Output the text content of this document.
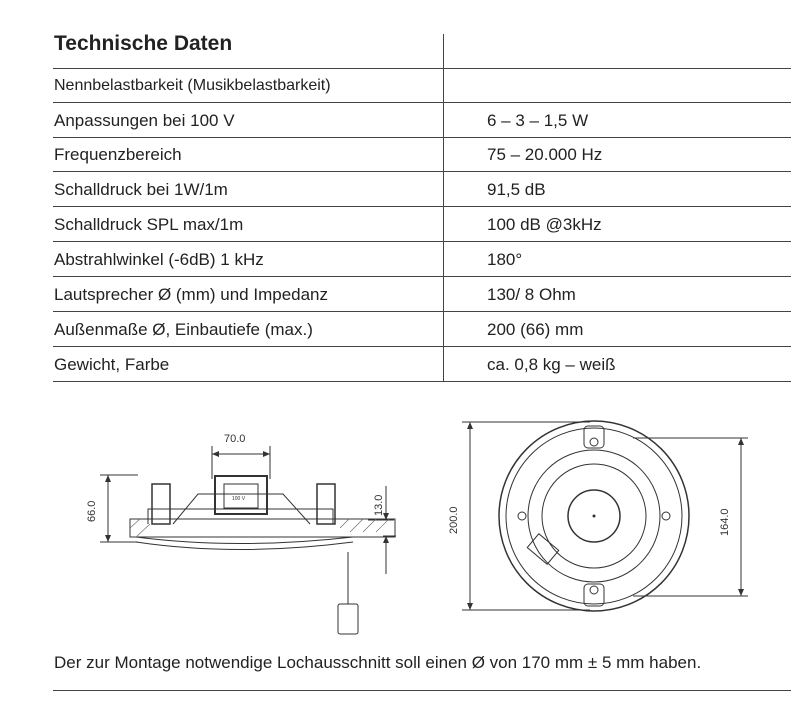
Technische Daten
Nennbelastbarkeit (Musikbelastbarkeit)
Anpassungen bei 100 V	6 – 3 – 1,5 W
Frequenzbereich	75 – 20.000 Hz
Schalldruck bei 1W/1m	91,5 dB
Schalldruck SPL max/1m	100 dB @3kHz
Abstrahlwinkel (-6dB) 1 kHz	180°
Lautsprecher Ø (mm) und Impedanz	130/ 8 Ohm
Außenmaße Ø, Einbautiefe (max.)	200 (66) mm
Gewicht, Farbe	ca. 0,8 kg – weiß
70.0
66.0	13.0
100 V
200.0	164.0
Der zur Montage notwendige Lochausschnitt soll einen Ø von 170 mm ± 5 mm haben.
